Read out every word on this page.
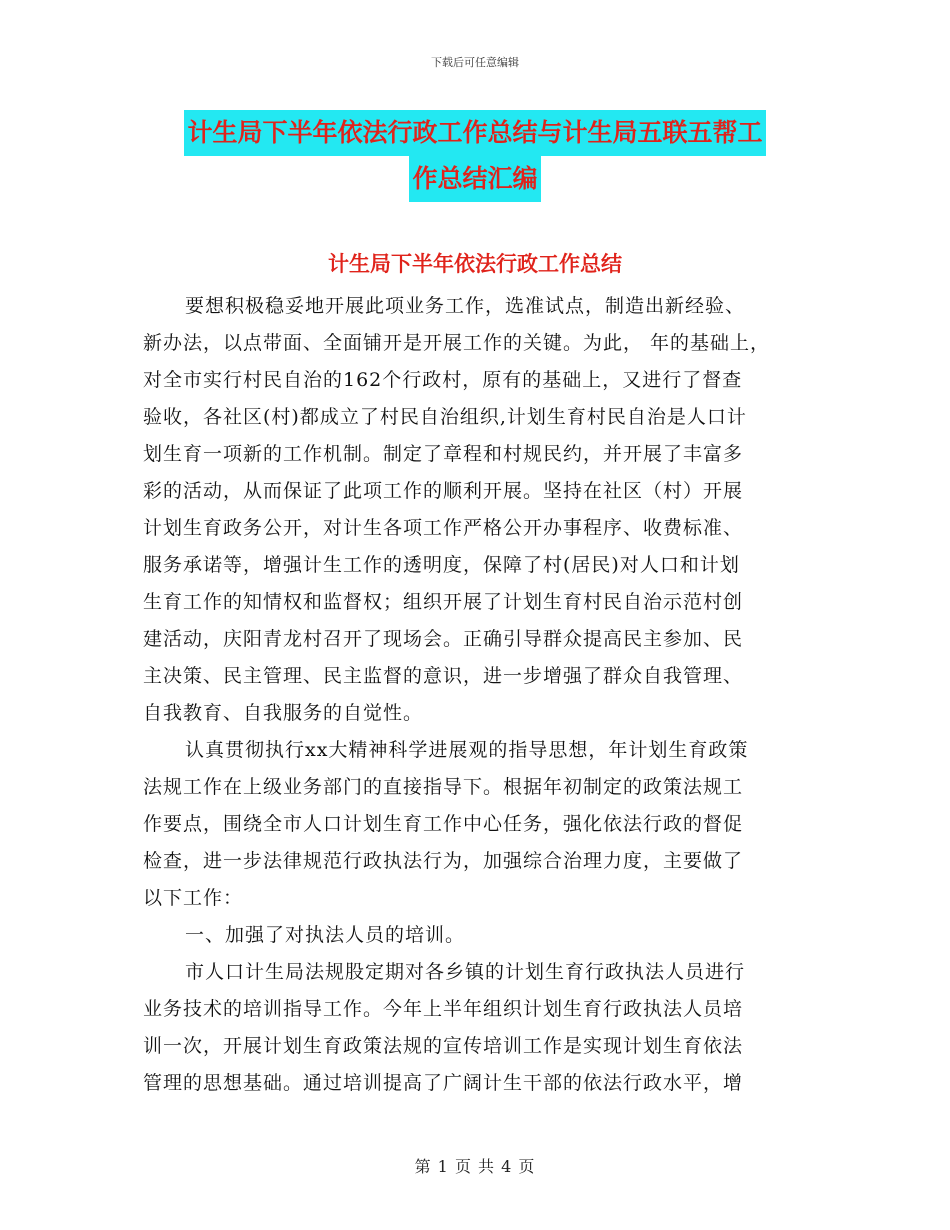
下载后可任意编辑
计生局下半年依法行政工作总结与计生局五联五帮工
作总结汇编
计生局下半年依法行政工作总结
要想积极稳妥地开展此项业务工作，选准试点，制造出新经验、
新办法，以点带面、全面铺开是开展工作的关键。为此， 年的基础上，
对全市实行村民自治的162个行政村，原有的基础上，又进行了督查
验收，各社区(村)都成立了村民自治组织,计划生育村民自治是人口计
划生育一项新的工作机制。制定了章程和村规民约，并开展了丰富多
彩的活动，从而保证了此项工作的顺利开展。坚持在社区（村）开展
计划生育政务公开，对计生各项工作严格公开办事程序、收费标准、
服务承诺等，增强计生工作的透明度，保障了村(居民)对人口和计划
生育工作的知情权和监督权；组织开展了计划生育村民自治示范村创
建活动，庆阳青龙村召开了现场会。正确引导群众提高民主参加、民
主决策、民主管理、民主监督的意识，进一步增强了群众自我管理、
自我教育、自我服务的自觉性。
认真贯彻执行xx大精神科学进展观的指导思想，年计划生育政策
法规工作在上级业务部门的直接指导下。根据年初制定的政策法规工
作要点，围绕全市人口计划生育工作中心任务，强化依法行政的督促
检查，进一步法律规范行政执法行为，加强综合治理力度，主要做了
以下工作：
一、加强了对执法人员的培训。
市人口计生局法规股定期对各乡镇的计划生育行政执法人员进行
业务技术的培训指导工作。今年上半年组织计划生育行政执法人员培
训一次，开展计划生育政策法规的宣传培训工作是实现计划生育依法
管理的思想基础。通过培训提高了广阔计生干部的依法行政水平，增
第 1 页 共 4 页
